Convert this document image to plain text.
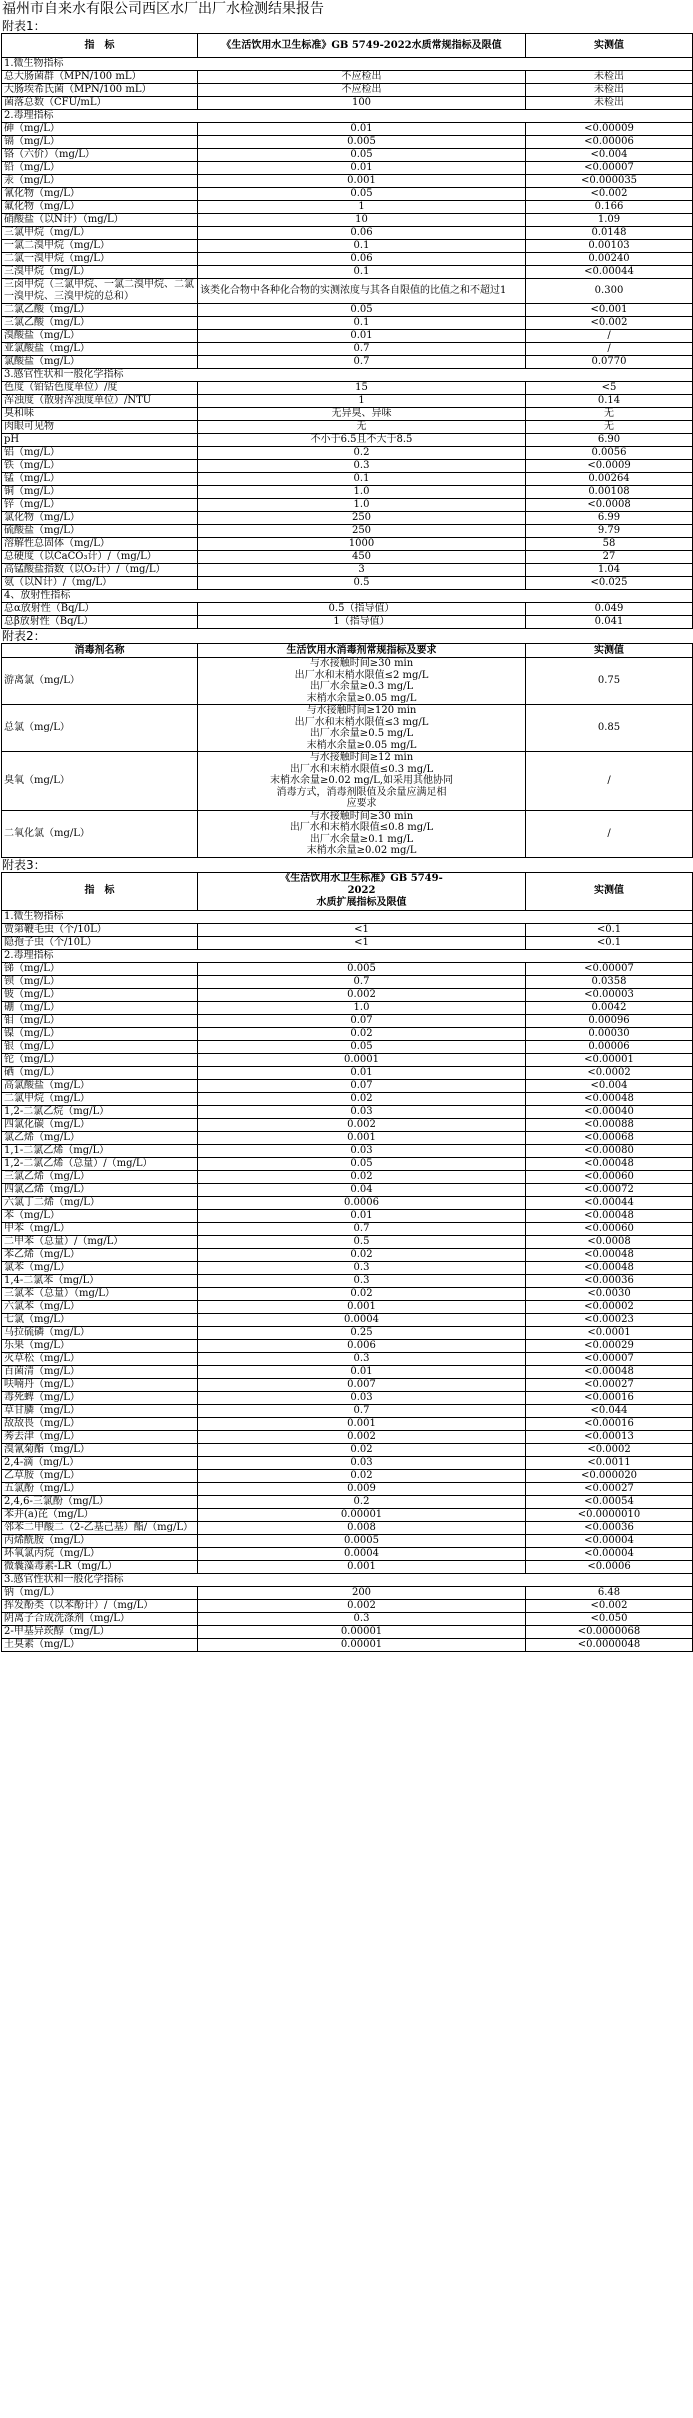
福州市自来水有限公司西区水厂出厂水检测结果报告
附表1：
指　标	《生活饮用水卫生标准》GB 5749-2022水质常规指标及限值	实测值
1.微生物指标		
总大肠菌群（MPN/100 mL）	不应检出	未检出
大肠埃希氏菌（MPN/100 mL）	不应检出	未检出
菌落总数（CFU/mL）	100	未检出
2.毒理指标		
砷（mg/L）	0.01	<0.00009
镉（mg/L）	0.005	<0.00006
铬（六价）（mg/L）	0.05	<0.004
铅（mg/L）	0.01	<0.00007
汞（mg/L）	0.001	<0.000035
氰化物（mg/L）	0.05	<0.002
氟化物（mg/L）	1	0.166
硝酸盐（以N计）（mg/L）	10	1.09
三氯甲烷（mg/L）	0.06	0.0148
一氯二溴甲烷（mg/L）	0.1	0.00103
二氯一溴甲烷（mg/L）	0.06	0.00240
三溴甲烷（mg/L）	0.1	<0.00044
三卤甲烷（三氯甲烷、一氯二溴甲烷、二氯一溴甲烷、三溴甲烷的总和）	该类化合物中各种化合物的实测浓度与其各自限值的比值之和不超过1	0.300
二氯乙酸（mg/L）	0.05	<0.001
三氯乙酸（mg/L）	0.1	<0.002
溴酸盐（mg/L）	0.01	/
亚氯酸盐（mg/L）	0.7	/
氯酸盐（mg/L）	0.7	0.0770
3.感官性状和一般化学指标		
色度（铂钴色度单位）/度	15	<5
浑浊度（散射浑浊度单位）/NTU	1	0.14
臭和味	无异臭、异味	无
肉眼可见物	无	无
pH	不小于6.5且不大于8.5	6.90
铝（mg/L）	0.2	0.0056
铁（mg/L）	0.3	<0.0009
锰（mg/L）	0.1	0.00264
铜（mg/L）	1.0	0.00108
锌（mg/L）	1.0	<0.0008
氯化物（mg/L）	250	6.99
硫酸盐（mg/L）	250	9.79
溶解性总固体（mg/L）	1000	58
总硬度（以CaCO₃计）/（mg/L）	450	27
高锰酸盐指数（以O₂计）/（mg/L）	3	1.04
氨（以N计）/（mg/L）	0.5	<0.025
4、放射性指标		
总α放射性（Bq/L）	0.5（指导值）	0.049
总β放射性（Bq/L）	1（指导值）	0.041
附表2：
消毒剂名称	生活饮用水消毒剂常规指标及要求	实测值
游离氯（mg/L）	与水接触时间≥30 min
出厂水和末梢水限值≤2 mg/L
出厂水余量≥0.3 mg/L
末梢水余量≥0.05 mg/L	0.75
总氯（mg/L）	与水接触时间≥120 min
出厂水和末梢水限值≤3 mg/L
出厂水余量≥0.5 mg/L
末梢水余量≥0.05 mg/L	0.85
臭氧（mg/L）	与水接触时间≥12 min
出厂水和末梢水限值≤0.3 mg/L
末梢水余量≥0.02 mg/L,如采用其他协同
消毒方式，消毒剂限值及余量应满足相
应要求	/
二氧化氯（mg/L）	与水接触时间≥30 min
出厂水和末梢水限值≤0.8 mg/L
出厂水余量≥0.1 mg/L
末梢水余量≥0.02 mg/L	/
附表3：
指　标	《生活饮用水卫生标准》GB 5749-
2022
水质扩展指标及限值	实测值
1.微生物指标		
贾第鞭毛虫（个/10L）	<1	<0.1
隐孢子虫（个/10L）	<1	<0.1
2.毒理指标		
锑（mg/L）	0.005	<0.00007
钡（mg/L）	0.7	0.0358
铍（mg/L）	0.002	<0.00003
硼（mg/L）	1.0	0.0042
钼（mg/L）	0.07	0.00096
镍（mg/L）	0.02	0.00030
银（mg/L）	0.05	0.00006
铊（mg/L）	0.0001	<0.00001
硒（mg/L）	0.01	<0.0002
高氯酸盐（mg/L）	0.07	<0.004
二氯甲烷（mg/L）	0.02	<0.00048
1,2-二氯乙烷（mg/L）	0.03	<0.00040
四氯化碳（mg/L）	0.002	<0.00088
氯乙烯（mg/L）	0.001	<0.00068
1,1-二氯乙烯（mg/L）	0.03	<0.00080
1,2-二氯乙烯（总量）/（mg/L）	0.05	<0.00048
三氯乙烯（mg/L）	0.02	<0.00060
四氯乙烯（mg/L）	0.04	<0.00072
六氯丁二烯（mg/L）	0.0006	<0.00044
苯（mg/L）	0.01	<0.00048
甲苯（mg/L）	0.7	<0.00060
二甲苯（总量）/（mg/L）	0.5	<0.0008
苯乙烯（mg/L）	0.02	<0.00048
氯苯（mg/L）	0.3	<0.00048
1,4-二氯苯（mg/L）	0.3	<0.00036
三氯苯（总量）（mg/L）	0.02	<0.0030
六氯苯（mg/L）	0.001	<0.00002
七氯（mg/L）	0.0004	<0.00023
马拉硫磷（mg/L）	0.25	<0.0001
乐果（mg/L）	0.006	<0.00029
灭草松（mg/L）	0.3	<0.00007
百菌清（mg/L）	0.01	<0.00048
呋喃丹（mg/L）	0.007	<0.00027
毒死蜱（mg/L）	0.03	<0.00016
草甘膦（mg/L）	0.7	<0.044
敌敌畏（mg/L）	0.001	<0.00016
莠去津（mg/L）	0.002	<0.00013
溴氰菊酯（mg/L）	0.02	<0.0002
2,4-滴（mg/L）	0.03	<0.0011
乙草胺（mg/L）	0.02	<0.000020
五氯酚（mg/L）	0.009	<0.00027
2,4,6-三氯酚（mg/L）	0.2	<0.00054
苯并(a)芘（mg/L）	0.00001	<0.0000010
邻苯二甲酸二（2-乙基己基）酯/（mg/L）	0.008	<0.00036
丙烯酰胺（mg/L）	0.0005	<0.00004
环氧氯丙烷（mg/L）	0.0004	<0.00004
微囊藻毒素-LR（mg/L）	0.001	<0.0006
3.感官性状和一般化学指标		
钠（mg/L）	200	6.48
挥发酚类（以苯酚计）/（mg/L）	0.002	<0.002
阴离子合成洗涤剂（mg/L）	0.3	<0.050
2-甲基异莰醇（mg/L）	0.00001	<0.0000068
土臭素（mg/L）	0.00001	<0.0000048
